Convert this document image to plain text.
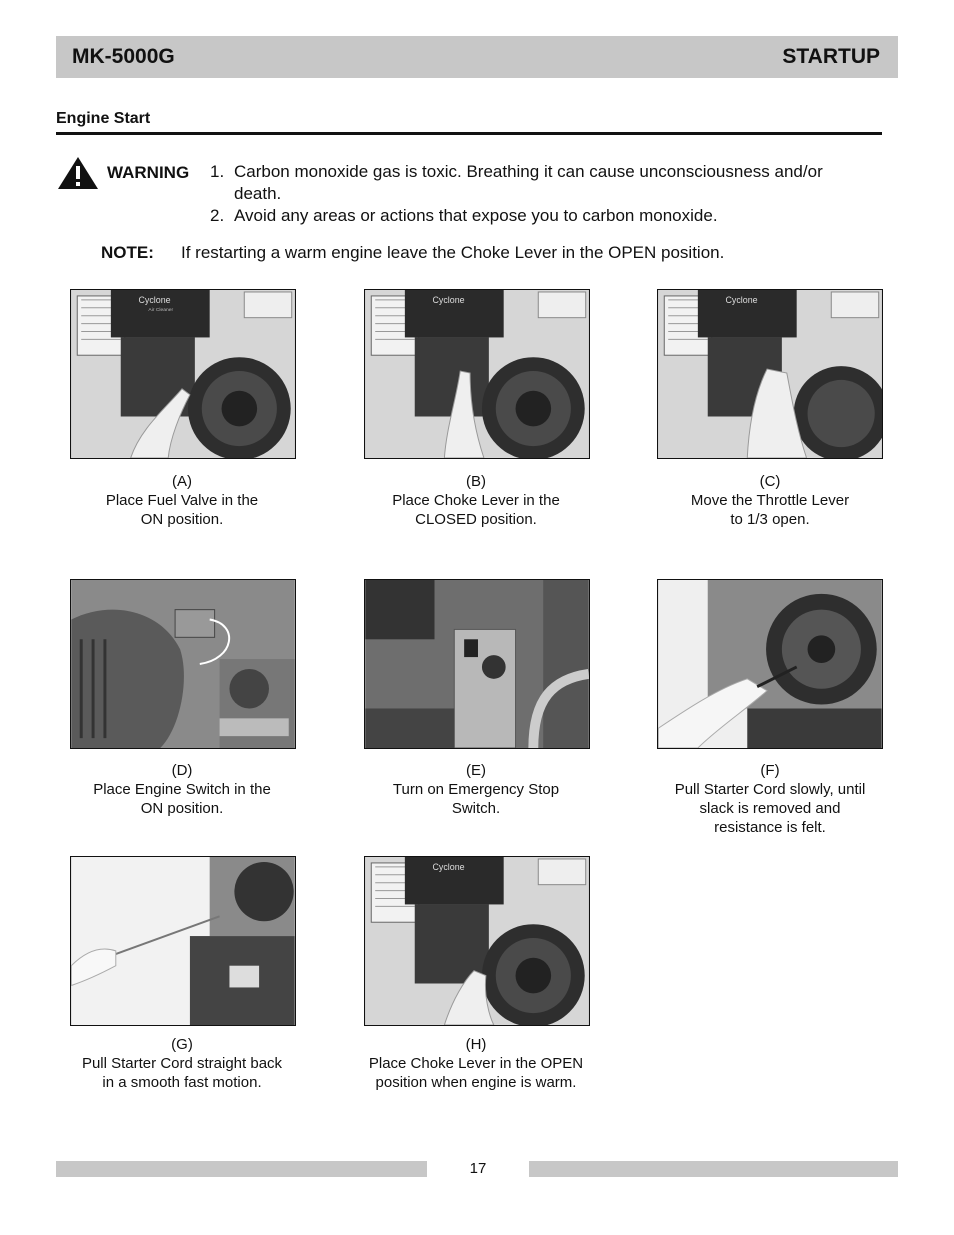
MK-5000G	STARTUP
Engine Start
WARNING 1. Carbon monoxide gas is toxic. Breathing it can cause unconsciousness and/or death.
2. Avoid any areas or actions that expose you to carbon monoxide.
NOTE: If restarting a warm engine leave the Choke Lever in the OPEN position.
Cyclone
Air Cleaner
(A)
Place Fuel Valve in the
ON position.
Cyclone
(B)
Place Choke Lever in the
CLOSED position.
Cyclone
(C)
Move the Throttle Lever
to 1/3 open.
(D)
Place Engine Switch in the
ON position.
(E)
Turn on Emergency Stop
Switch.
(F)
Pull Starter Cord slowly, until
slack is removed and
resistance is felt.
(G)
Pull Starter Cord straight back
in a smooth fast motion.
Cyclone
(H)
Place Choke Lever in the OPEN
position when engine is warm.
17
